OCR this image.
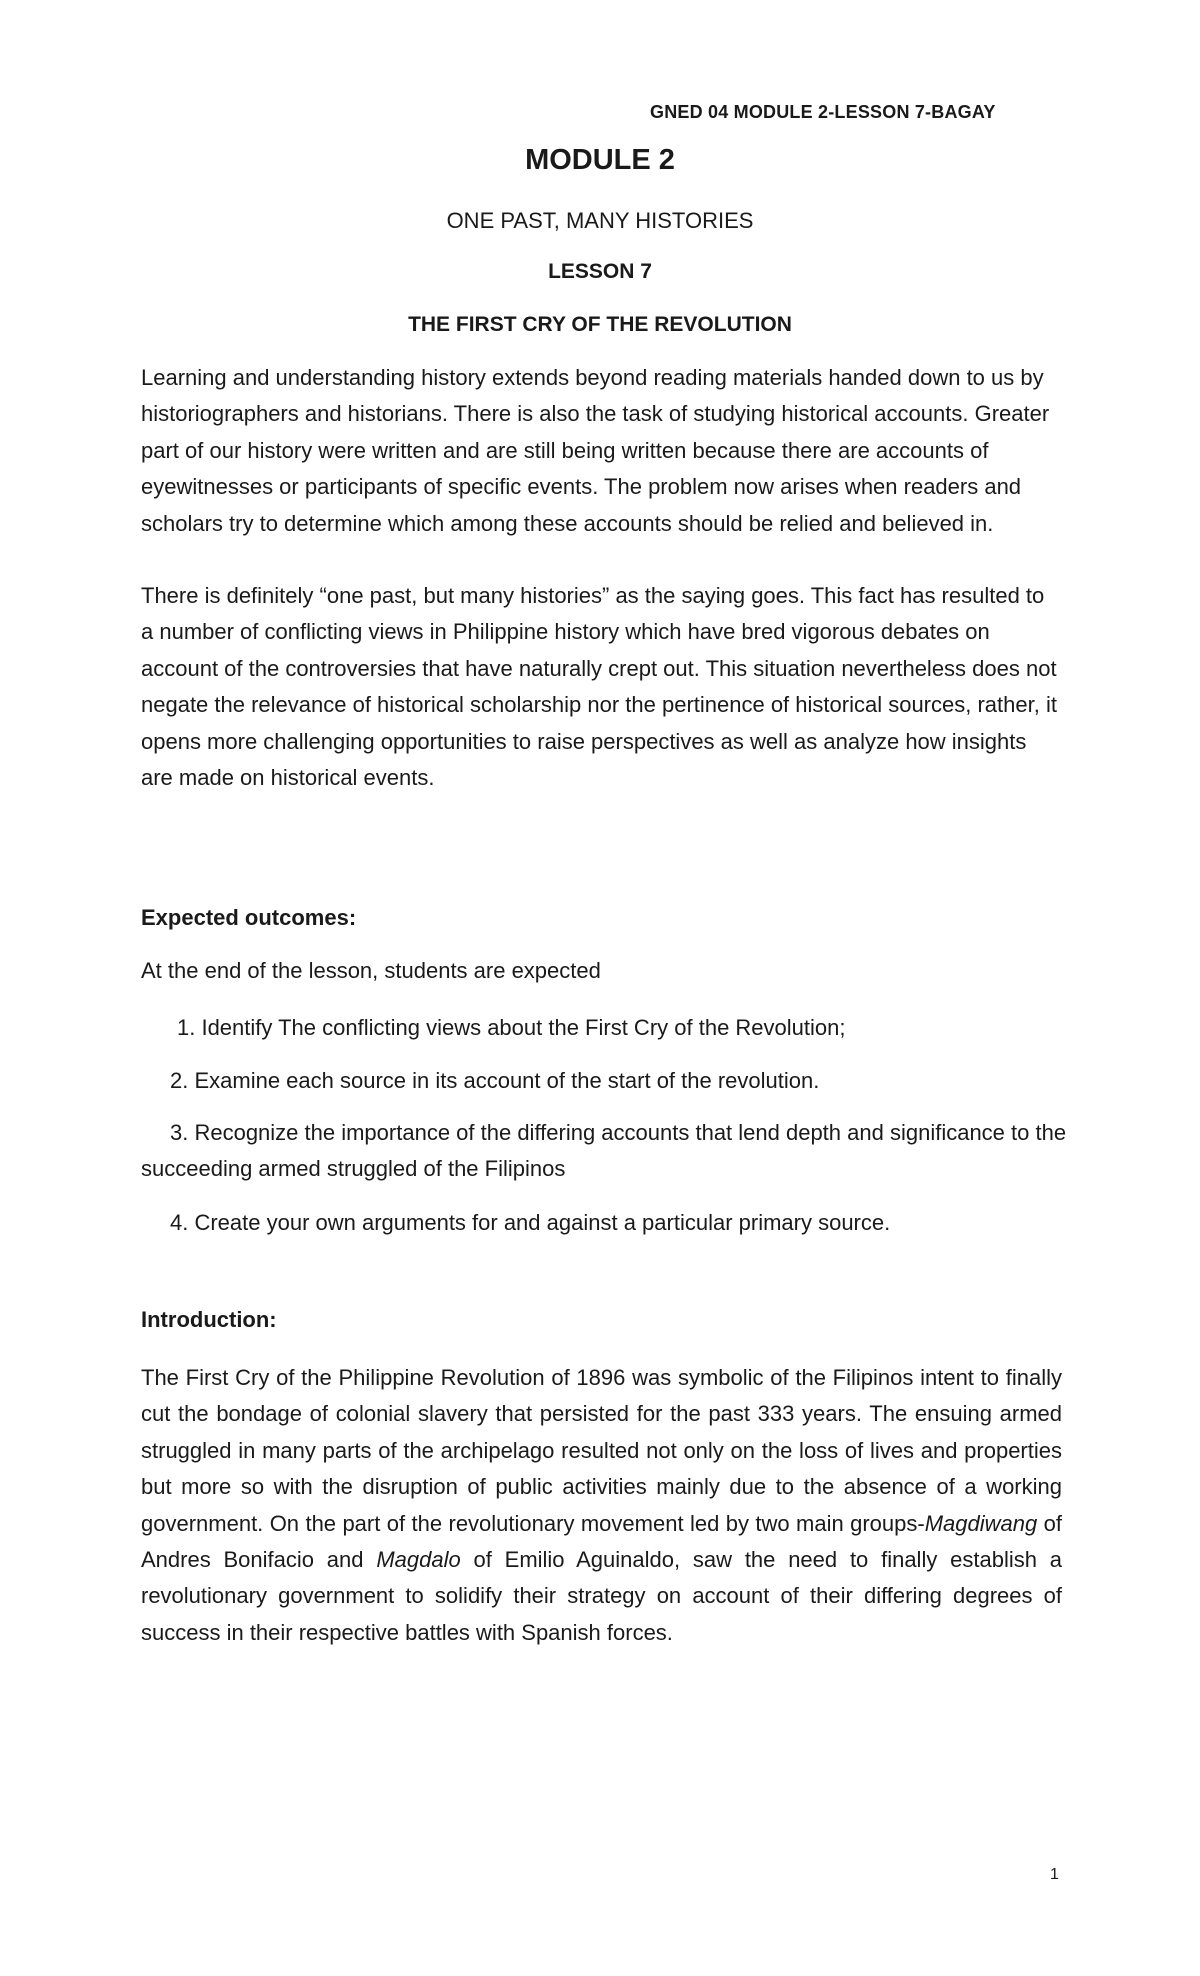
GNED 04 MODULE 2-LESSON 7-BAGAY
MODULE 2
ONE PAST, MANY HISTORIES
LESSON 7
THE FIRST CRY OF THE REVOLUTION

Learning and understanding history extends beyond reading materials handed down to us by historiographers and historians. There is also the task of studying historical accounts. Greater part of our history were written and are still being written because there are accounts of eyewitnesses or participants of specific events. The problem now arises when readers and scholars try to determine which among these accounts should be relied and believed in.

There is definitely “one past, but many histories” as the saying goes. This fact has resulted to a number of conflicting views in Philippine history which have bred vigorous debates on account of the controversies that have naturally crept out. This situation nevertheless does not negate the relevance of historical scholarship nor the pertinence of historical sources, rather, it opens more challenging opportunities to raise perspectives as well as analyze how insights are made on historical events.

Expected outcomes:
At the end of the lesson, students are expected
1. Identify The conflicting views about the First Cry of the Revolution;
2. Examine each source in its account of the start of the revolution.
3. Recognize the importance of the differing accounts that lend depth and significance to the succeeding armed struggled of the Filipinos
4. Create your own arguments for and against a particular primary source.
Introduction:

The First Cry of the Philippine Revolution of 1896 was symbolic of the Filipinos intent to finally cut the bondage of colonial slavery that persisted for the past 333 years. The ensuing armed struggled in many parts of the archipelago resulted not only on the loss of lives and properties but more so with the disruption of public activities mainly due to the absence of a working government. On the part of the revolutionary movement led by two main groups-Magdiwang of Andres Bonifacio and Magdalo of Emilio Aguinaldo, saw the need to finally establish a revolutionary government to solidify their strategy on account of their differing degrees of success in their respective battles with Spanish forces.

1
